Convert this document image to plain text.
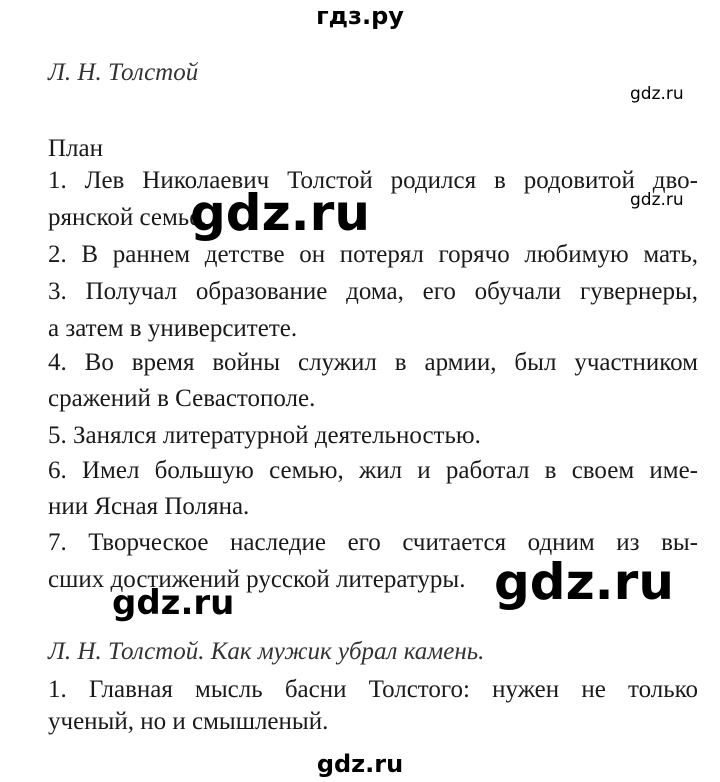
гдз.ру
gdz.ru
Л. Н. Толстой
План
1. Лев Николаевич Толстой родился в родовитой дво-
рянской семье.
2. В раннем детстве он потерял горячо любимую мать,
3. Получал образование дома, его обучали гувернеры,
а затем в университете.
4. Во время войны служил в армии, был участником
сражений в Севастополе.
5. Занялся литературной деятельностью.
6. Имел большую семью, жил и работал в своем име-
нии Ясная Поляна.
7. Творческое наследие его считается одним из вы-
сших достижений русской литературы.
Л. Н. Толстой. Как мужик убрал камень.
1. Главная мысль басни Толстого: нужен не только
ученый, но и смышленый.
gdz.ru
gdz.ru
gdz.ru
gdz.ru
gdz.ru
